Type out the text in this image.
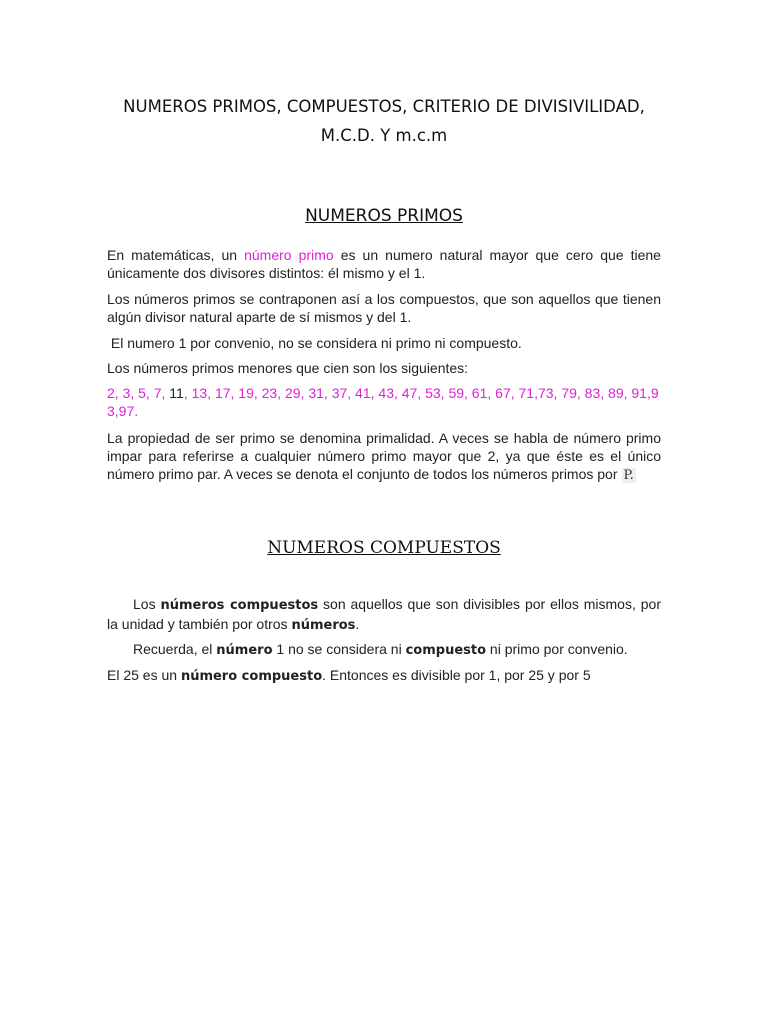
NUMEROS PRIMOS, COMPUESTOS, CRITERIO DE DIVISIVILIDAD,
M.C.D. Y m.c.m
NUMEROS PRIMOS
En matemáticas, un número primo es un numero natural mayor que cero que tiene únicamente dos divisores distintos: él mismo y el 1.
Los números primos se contraponen así a los compuestos, que son aquellos que tienen algún divisor natural aparte de sí mismos y del 1.
El numero 1 por convenio, no se considera ni primo ni compuesto.
Los números primos menores que cien son los siguientes:
2, 3, 5, 7, 11, 13, 17, 19, 23, 29, 31, 37, 41, 43, 47, 53, 59, 61, 67, 71,73, 79, 83, 89, 91,93,97.
La propiedad de ser primo se denomina primalidad. A veces se habla de número primo impar para referirse a cualquier número primo mayor que 2, ya que éste es el único número primo par. A veces se denota el conjunto de todos los números primos por P.
NUMEROS COMPUESTOS
Los números compuestos son aquellos que son divisibles por ellos mismos, por la unidad y también por otros números.
Recuerda, el número 1 no se considera ni compuesto ni primo por convenio.
El 25 es un número compuesto. Entonces es divisible por 1, por 25 y por 5
